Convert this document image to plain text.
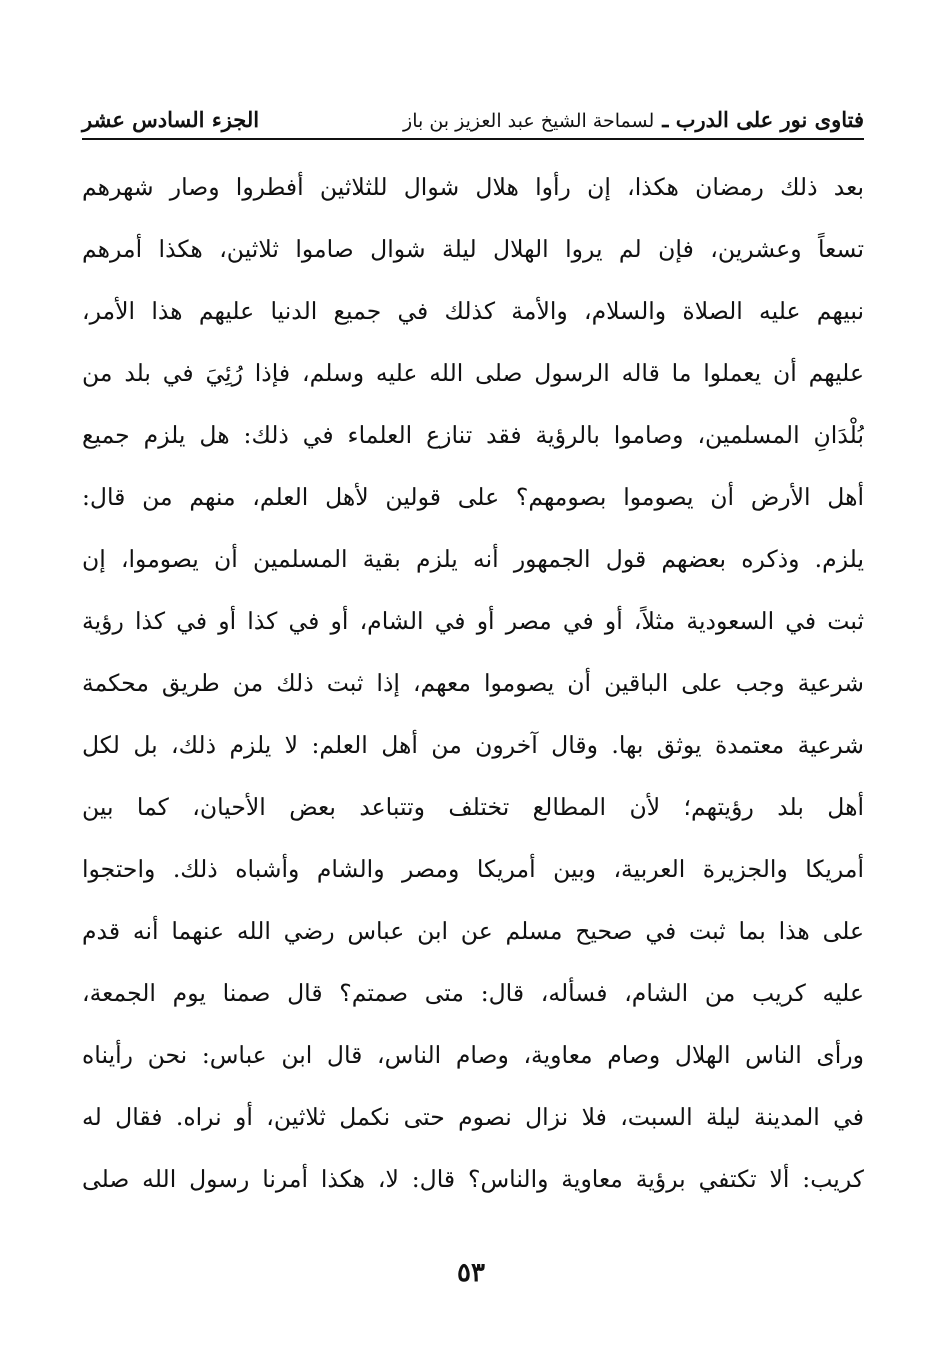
فتاوى نور على الدرب ـ
لسماحة الشيخ عبد العزيز بن باز
الجزء السادس عشر
بعد ذلك رمضان هكذا، إن رأوا هلال شوال للثلاثين أفطروا وصار شهرهم
تسعاً وعشرين، فإن لم يروا الهلال ليلة شوال صاموا ثلاثين، هكذا أمرهم
نبيهم عليه الصلاة والسلام، والأمة كذلك في جميع الدنيا عليهم هذا الأمر،
عليهم أن يعملوا ما قاله الرسول صلى الله عليه وسلم، فإذا رُئِيَ في بلد من
بُلْدَانِ المسلمين، وصاموا بالرؤية فقد تنازع العلماء في ذلك: هل يلزم جميع
أهل الأرض أن يصوموا بصومهم؟ على قولين لأهل العلم، منهم من قال:
يلزم. وذكره بعضهم قول الجمهور أنه يلزم بقية المسلمين أن يصوموا، إن
ثبت في السعودية مثلاً، أو في مصر أو في الشام، أو في كذا أو في كذا رؤية
شرعية وجب على الباقين أن يصوموا معهم، إذا ثبت ذلك من طريق محكمة
شرعية معتمدة يوثق بها. وقال آخرون من أهل العلم: لا يلزم ذلك، بل لكل
أهل بلد رؤيتهم؛ لأن المطالع تختلف وتتباعد بعض الأحيان، كما بين
أمريكا والجزيرة العربية، وبين أمريكا ومصر والشام وأشباه ذلك. واحتجوا
على هذا بما ثبت في صحيح مسلم عن ابن عباس رضي الله عنهما أنه قدم
عليه كريب من الشام، فسأله، قال: متى صمتم؟ قال صمنا يوم الجمعة،
ورأى الناس الهلال وصام معاوية، وصام الناس، قال ابن عباس: نحن رأيناه
في المدينة ليلة السبت، فلا نزال نصوم حتى نكمل ثلاثين، أو نراه. فقال له
كريب: ألا تكتفي برؤية معاوية والناس؟ قال: لا، هكذا أمرنا رسول الله صلى
٥٣
